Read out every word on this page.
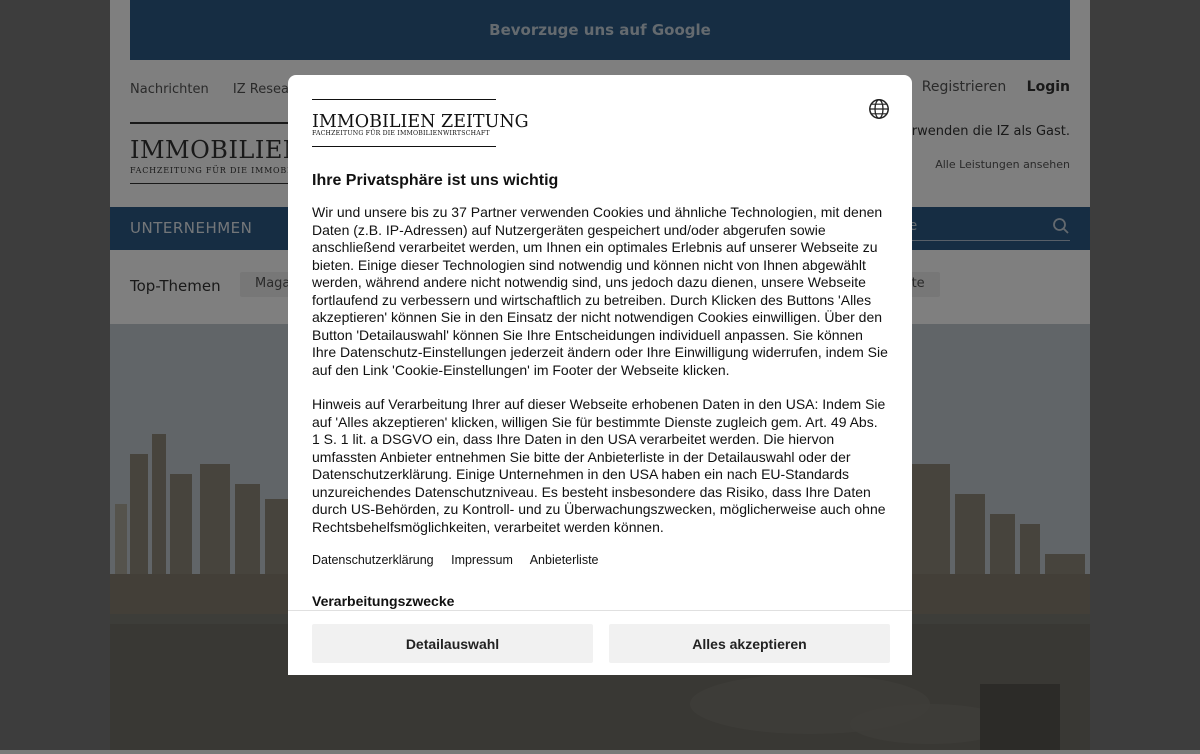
IMMOBILIEN ZEITUNG
FACHZEITUNG FÜR DIE IMMOBILIENWIRTSCHAFT
Ihre Privatsphäre ist uns wichtig

Wir und unsere bis zu 37 Partner verwenden Cookies und ähnliche Technologien, mit denen Daten (z.B. IP-Adressen) auf Nutzergeräten gespeichert und/oder abgerufen sowie anschließend verarbeitet werden, um Ihnen ein optimales Erlebnis auf unserer Webseite zu bieten. Einige dieser Technologien sind notwendig und können nicht von Ihnen abgewählt werden, während andere nicht notwendig sind, uns jedoch dazu dienen, unsere Webseite fortlaufend zu verbessern und wirtschaftlich zu betreiben. Durch Klicken des Buttons 'Alles akzeptieren' können Sie in den Einsatz der nicht notwendigen Cookies einwilligen. Über den Button 'Detailauswahl' können Sie Ihre Entscheidungen individuell anpassen. Sie können Ihre Datenschutz-Einstellungen jederzeit ändern oder Ihre Einwilligung widerrufen, indem Sie auf den Link 'Cookie-Einstellungen' im Footer der Webseite klicken.

Hinweis auf Verarbeitung Ihrer auf dieser Webseite erhobenen Daten in den USA: Indem Sie auf 'Alles akzeptieren' klicken, willigen Sie für bestimmte Dienste zugleich gem. Art. 49 Abs. 1 S. 1 lit. a DSGVO ein, dass Ihre Daten in den USA verarbeitet werden. Die hiervon umfassten Anbieter entnehmen Sie bitte der Anbieterliste in der Detailauswahl oder der Datenschutzerklärung. Einige Unternehmen in den USA haben ein nach EU-Standards unzureichendes Datenschutzniveau. Es besteht insbesondere das Risiko, dass Ihre Daten durch US-Behörden, zu Kontroll- und zu Überwachungszwecken, möglicherweise auch ohne Rechtsbehelfsmöglichkeiten, verarbeitet werden können.

Datenschutzerklärung Impressum Anbieterliste
Verarbeitungszwecke
Detailauswahl	Alles akzeptieren
